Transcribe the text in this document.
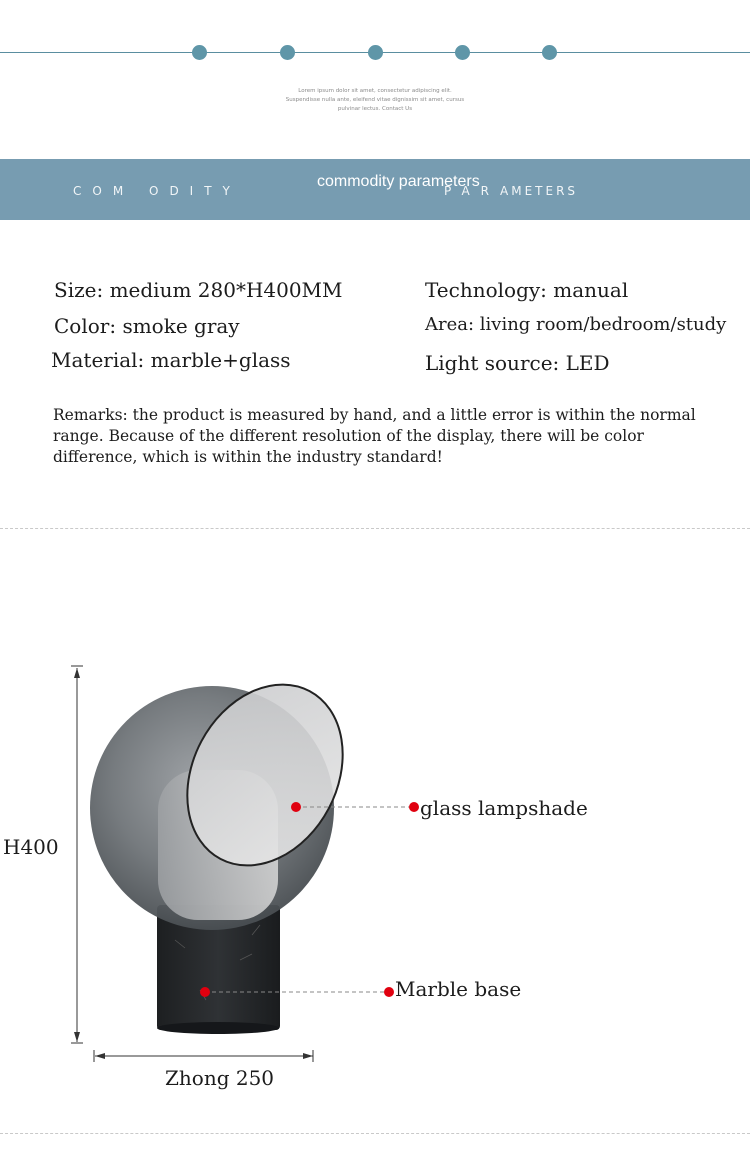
Lorem ipsum dolor sit amet, consectetur adipiscing elit.
Suspendisse nulla ante, eleifend vitae dignissim sit amet, cursus
pulvinar lectus. Contact Us
COM ODITY	PARAMETERS
commodity parameters
Size: medium 280*H400MM	Technology: manual
Color: smoke gray	Area: living room/bedroom/study
Material: marble+glass	Light source: LED
Remarks: the product is measured by hand, and a little error is within the normal range. Because of the different resolution of the display, there will be color difference, which is within the industry standard!
H400
Zhong 250
glass lampshade
Marble base
